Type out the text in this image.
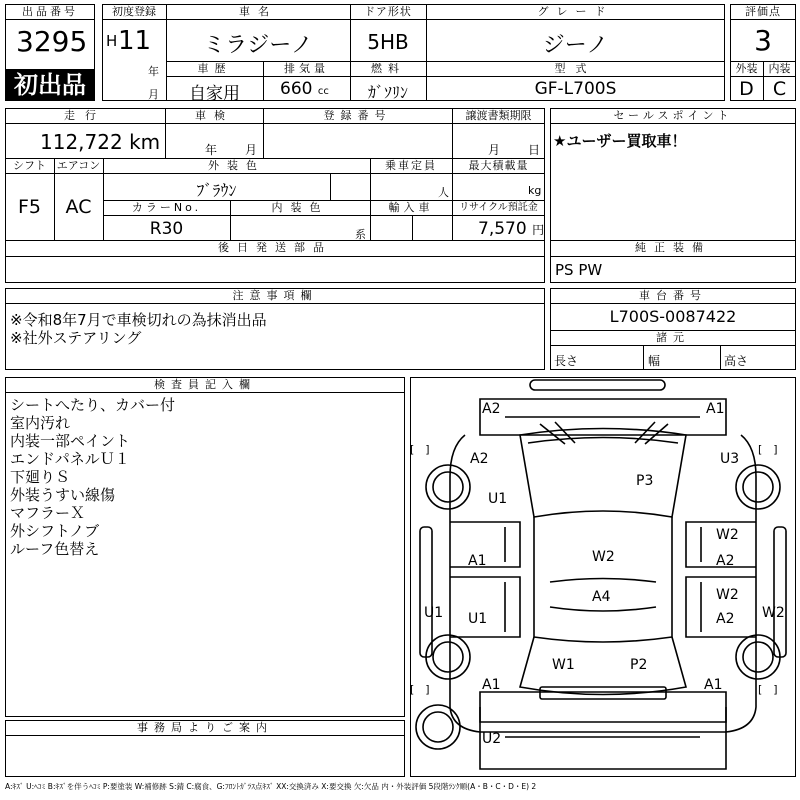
出品番号
3295
初出品
初度登録
H 11
年
月
車名
ミラジーノ
ドア形状
5HB
グレード
ジーノ
車歴
自家用
排気量
660 cc
燃料
ｶﾞｿﾘﾝ
型式
GF-L700S
評価点
3
外装	内装
D	C
走行
112,722 km
車検
年 月
登録番号	譲渡書類期限
月 日
シフト
F5
エアコン
AC
外装色
ﾌﾞﾗｳﾝ
乗車定員
人
最大積載量
kg
カラーNo.
R30
内装色
系
輸入車	リサイクル預託金
7,570 円
後日発送部品
セールスポイント
★ユーザー買取車！
純正装備
PS PW
注意事項欄
※令和8年7月で車検切れの為抹消出品
※社外ステアリング
車台番号
L700S-0087422
諸元
長さ	幅	高さ
検査員記入欄
シートへたり、カバー付
室内汚れ
内装一部ペイント
エンドパネルＵ１
下廻りＳ
外装うすい線傷
マフラーＸ
外シフトノブ
ルーフ色替え
事務局よりご案内
A2	A1
[　]	[　]
A2	U3
U1
P3
A1
W2
A2
W2
A4
U1 U1	A2
W2
W2
W1	P2
A1	A1
[　]	[　]
U2
A:ｷｽﾞ U:ﾍｺﾐ B:ｷｽﾞを伴うﾍｺﾐ P:要塗装 W:補修跡 S:錆 C:腐食、G:ﾌﾛﾝﾄｶﾞﾗｽ点ｷｽﾞ XX:交換済み X:要交換 欠:欠品 内・外装評価 5段階ﾗﾝｸ順(A・B・C・D・E) 2
